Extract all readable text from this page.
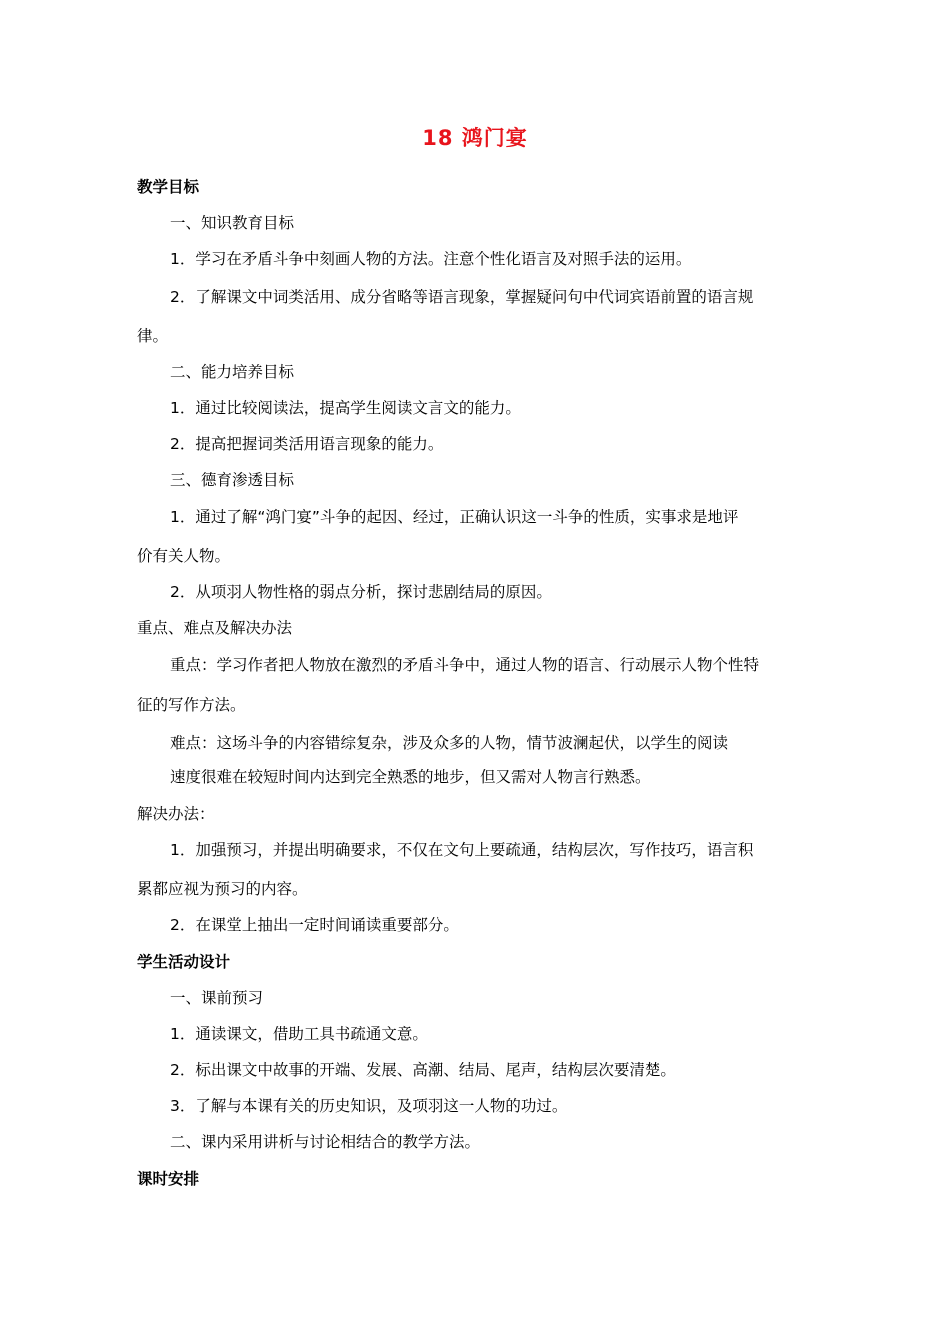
18 鸿门宴
教学目标
一、知识教育目标
1．学习在矛盾斗争中刻画人物的方法。注意个性化语言及对照手法的运用。
2．了解课文中词类活用、成分省略等语言现象，掌握疑问句中代词宾语前置的语言规
律。
二、能力培养目标
1．通过比较阅读法，提高学生阅读文言文的能力。
2．提高把握词类活用语言现象的能力。
三、德育渗透目标
1．通过了解“鸿门宴”斗争的起因、经过，正确认识这一斗争的性质，实事求是地评
价有关人物。
2．从项羽人物性格的弱点分析，探讨悲剧结局的原因。
重点、难点及解决办法
重点：学习作者把人物放在激烈的矛盾斗争中，通过人物的语言、行动展示人物个性特
征的写作方法。
难点：这场斗争的内容错综复杂，涉及众多的人物，情节波澜起伏，以学生的阅读
速度很难在较短时间内达到完全熟悉的地步，但又需对人物言行熟悉。
解决办法：
1．加强预习，并提出明确要求，不仅在文句上要疏通，结构层次，写作技巧，语言积
累都应视为预习的内容。
2．在课堂上抽出一定时间诵读重要部分。
学生活动设计
一、课前预习
1．通读课文，借助工具书疏通文意。
2．标出课文中故事的开端、发展、高潮、结局、尾声，结构层次要清楚。
3．了解与本课有关的历史知识，及项羽这一人物的功过。
二、课内采用讲析与讨论相结合的教学方法。
课时安排
